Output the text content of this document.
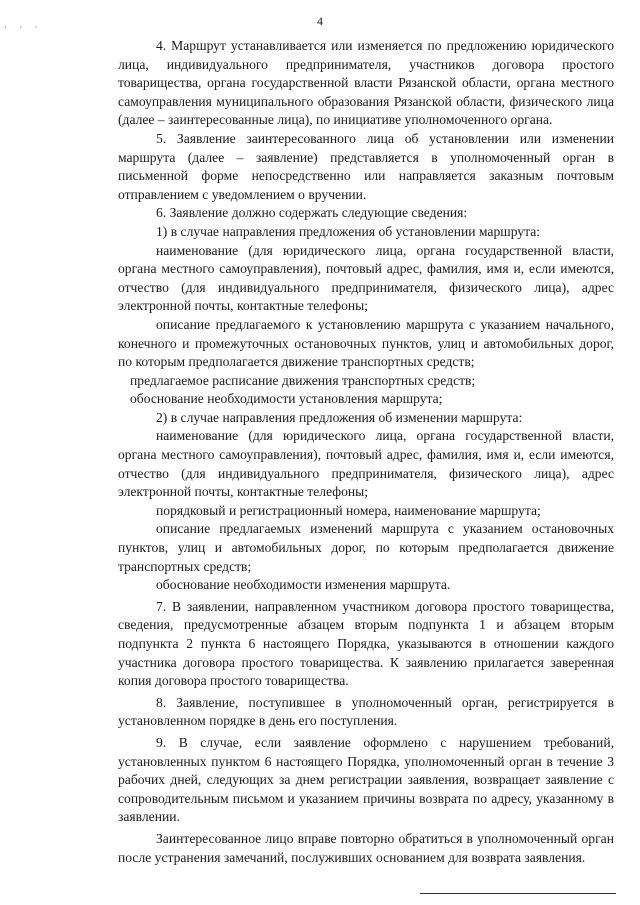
· · ·	4

4. Маршрут устанавливается или изменяется по предложению юридического лица, индивидуального предпринимателя, участников договора простого товарищества, органа государственной власти Рязанской области, органа местного самоуправления муниципального образования Рязанской области, физического лица (далее – заинтересованные лица), по инициативе уполномоченного органа.

5. Заявление заинтересованного лица об установлении или изменении маршрута (далее – заявление) представляется в уполномоченный орган в письменной форме непосредственно или направляется заказным почтовым отправлением с уведомлением о вручении.

6. Заявление должно содержать следующие сведения:

1) в случае направления предложения об установлении маршрута:

наименование (для юридического лица, органа государственной власти, органа местного самоуправления), почтовый адрес, фамилия, имя и, если имеются, отчество (для индивидуального предпринимателя, физического лица), адрес электронной почты, контактные телефоны;

описание предлагаемого к установлению маршрута с указанием начального, конечного и промежуточных остановочных пунктов, улиц и автомобильных дорог, по которым предполагается движение транспортных средств;

предлагаемое расписание движения транспортных средств;

обоснование необходимости установления маршрута;

2) в случае направления предложения об изменении маршрута:

наименование (для юридического лица, органа государственной власти, органа местного самоуправления), почтовый адрес, фамилия, имя и, если имеются, отчество (для индивидуального предпринимателя, физического лица), адрес электронной почты, контактные телефоны;

порядковый и регистрационный номера, наименование маршрута;

описание предлагаемых изменений маршрута с указанием остановочных пунктов, улиц и автомобильных дорог, по которым предполагается движение транспортных средств;

обоснование необходимости изменения маршрута.

7. В заявлении, направленном участником договора простого товарищества, сведения, предусмотренные абзацем вторым подпункта 1 и абзацем вторым подпункта 2 пункта 6 настоящего Порядка, указываются в отношении каждого участника договора простого товарищества. К заявлению прилагается заверенная копия договора простого товарищества.

8. Заявление, поступившее в уполномоченный орган, регистрируется в установленном порядке в день его поступления.

9. В случае, если заявление оформлено с нарушением требований, установленных пунктом 6 настоящего Порядка, уполномоченный орган в течение 3 рабочих дней, следующих за днем регистрации заявления, возвращает заявление с сопроводительным письмом и указанием причины возврата по адресу, указанному в заявлении.

Заинтересованное лицо вправе повторно обратиться в уполномоченный орган после устранения замечаний, послуживших основанием для возврата заявления.
